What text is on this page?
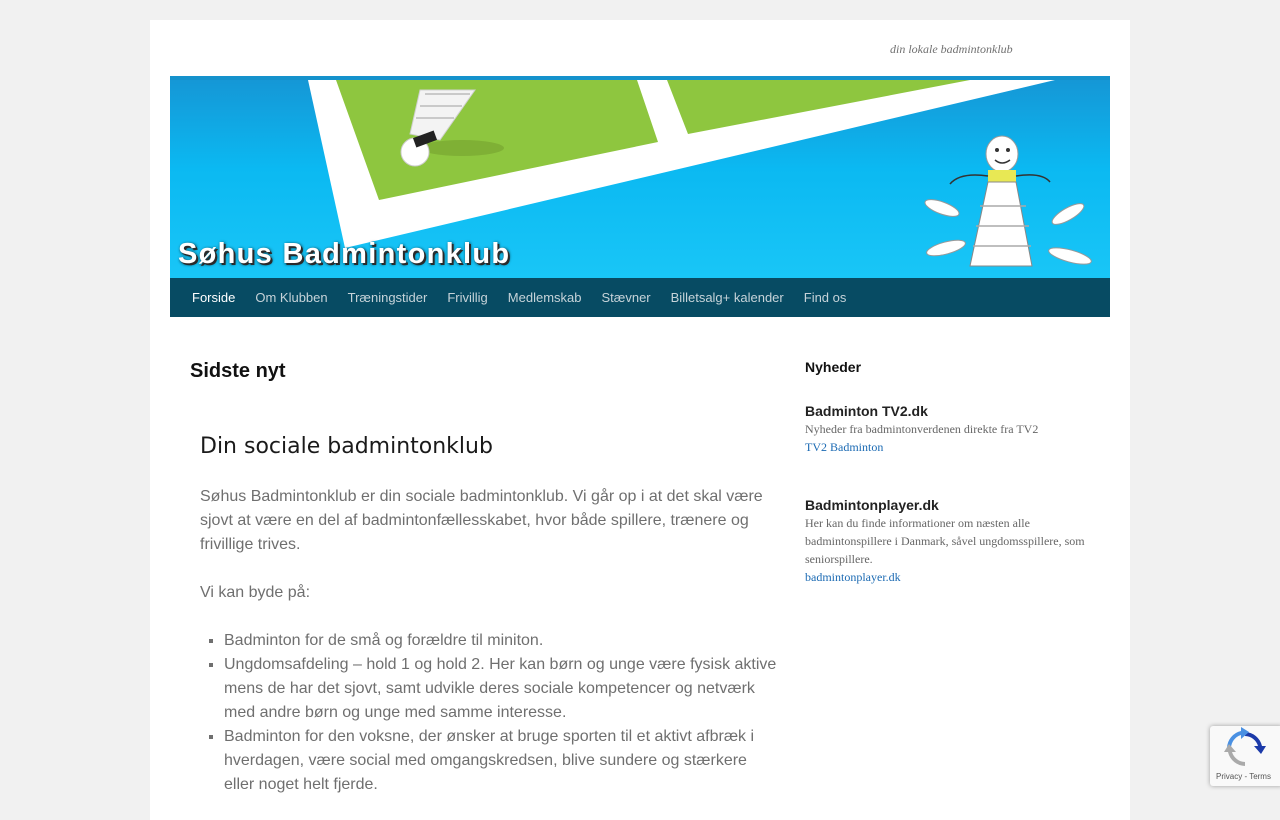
din lokale badmintonklub
Søhus Badmintonklub
Forside	Om Klubben	Træningstider	Frivillig	Medlemskab	Stævner	Billetsalg+ kalender	Find os
Sidste nyt
Din sociale badmintonklub

Søhus Badmintonklub er din sociale badmintonklub. Vi går op i at det skal være sjovt at være en del af badmintonfællesskabet, hvor både spillere, trænere og frivillige trives.

Vi kan byde på:

▪ Badminton for de små og forældre til miniton.
▪ Ungdomsafdeling – hold 1 og hold 2. Her kan børn og unge være fysisk aktive mens de har det sjovt, samt udvikle deres sociale kompetencer og netværk med andre børn og unge med samme interesse.
▪ Badminton for den voksne, der ønsker at bruge sporten til et aktivt afbræk i hverdagen, være social med omgangskredsen, blive sundere og stærkere eller noget helt fjerde.
Nyheder
Badminton TV2.dk
Nyheder fra badmintonverdenen direkte fra TV2
TV2 Badminton
Badmintonplayer.dk
Her kan du finde informationer om næsten alle badmintonspillere i Danmark, såvel ungdomsspillere, som seniorspillere.
badmintonplayer.dk
Privacy - Terms
